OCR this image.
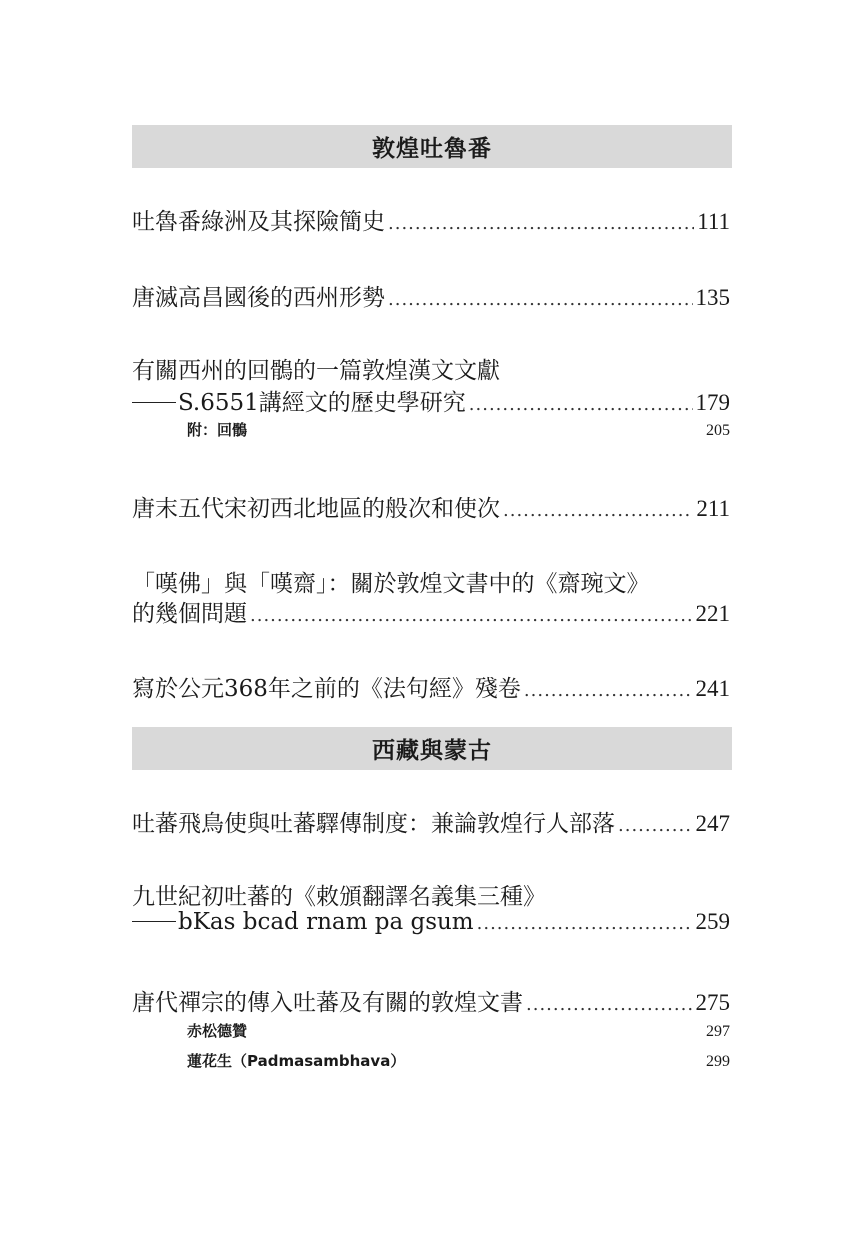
敦煌吐魯番
吐魯番綠洲及其探險簡史 .....	111
唐滅高昌國後的西州形勢 .....	135
有關西州的回鶻的一篇敦煌漢文文獻
S.6551講經文的歷史學研究 .....	179
附：回鶻	205
唐末五代宋初西北地區的般次和使次 .....	211
「嘆佛」與「嘆齋」：關於敦煌文書中的《齋琬文》
的幾個問題 .....	221
寫於公元368年之前的《法句經》殘卷 .....	241
西藏與蒙古
吐蕃飛鳥使與吐蕃驛傳制度：兼論敦煌行人部落 .....	247
九世紀初吐蕃的《敕頒翻譯名義集三種》
bKas bcad rnam pa gsum .....	259
唐代禪宗的傳入吐蕃及有關的敦煌文書 .....	275
赤松德贊	297
蓮花生（Padmasambhava）	299
